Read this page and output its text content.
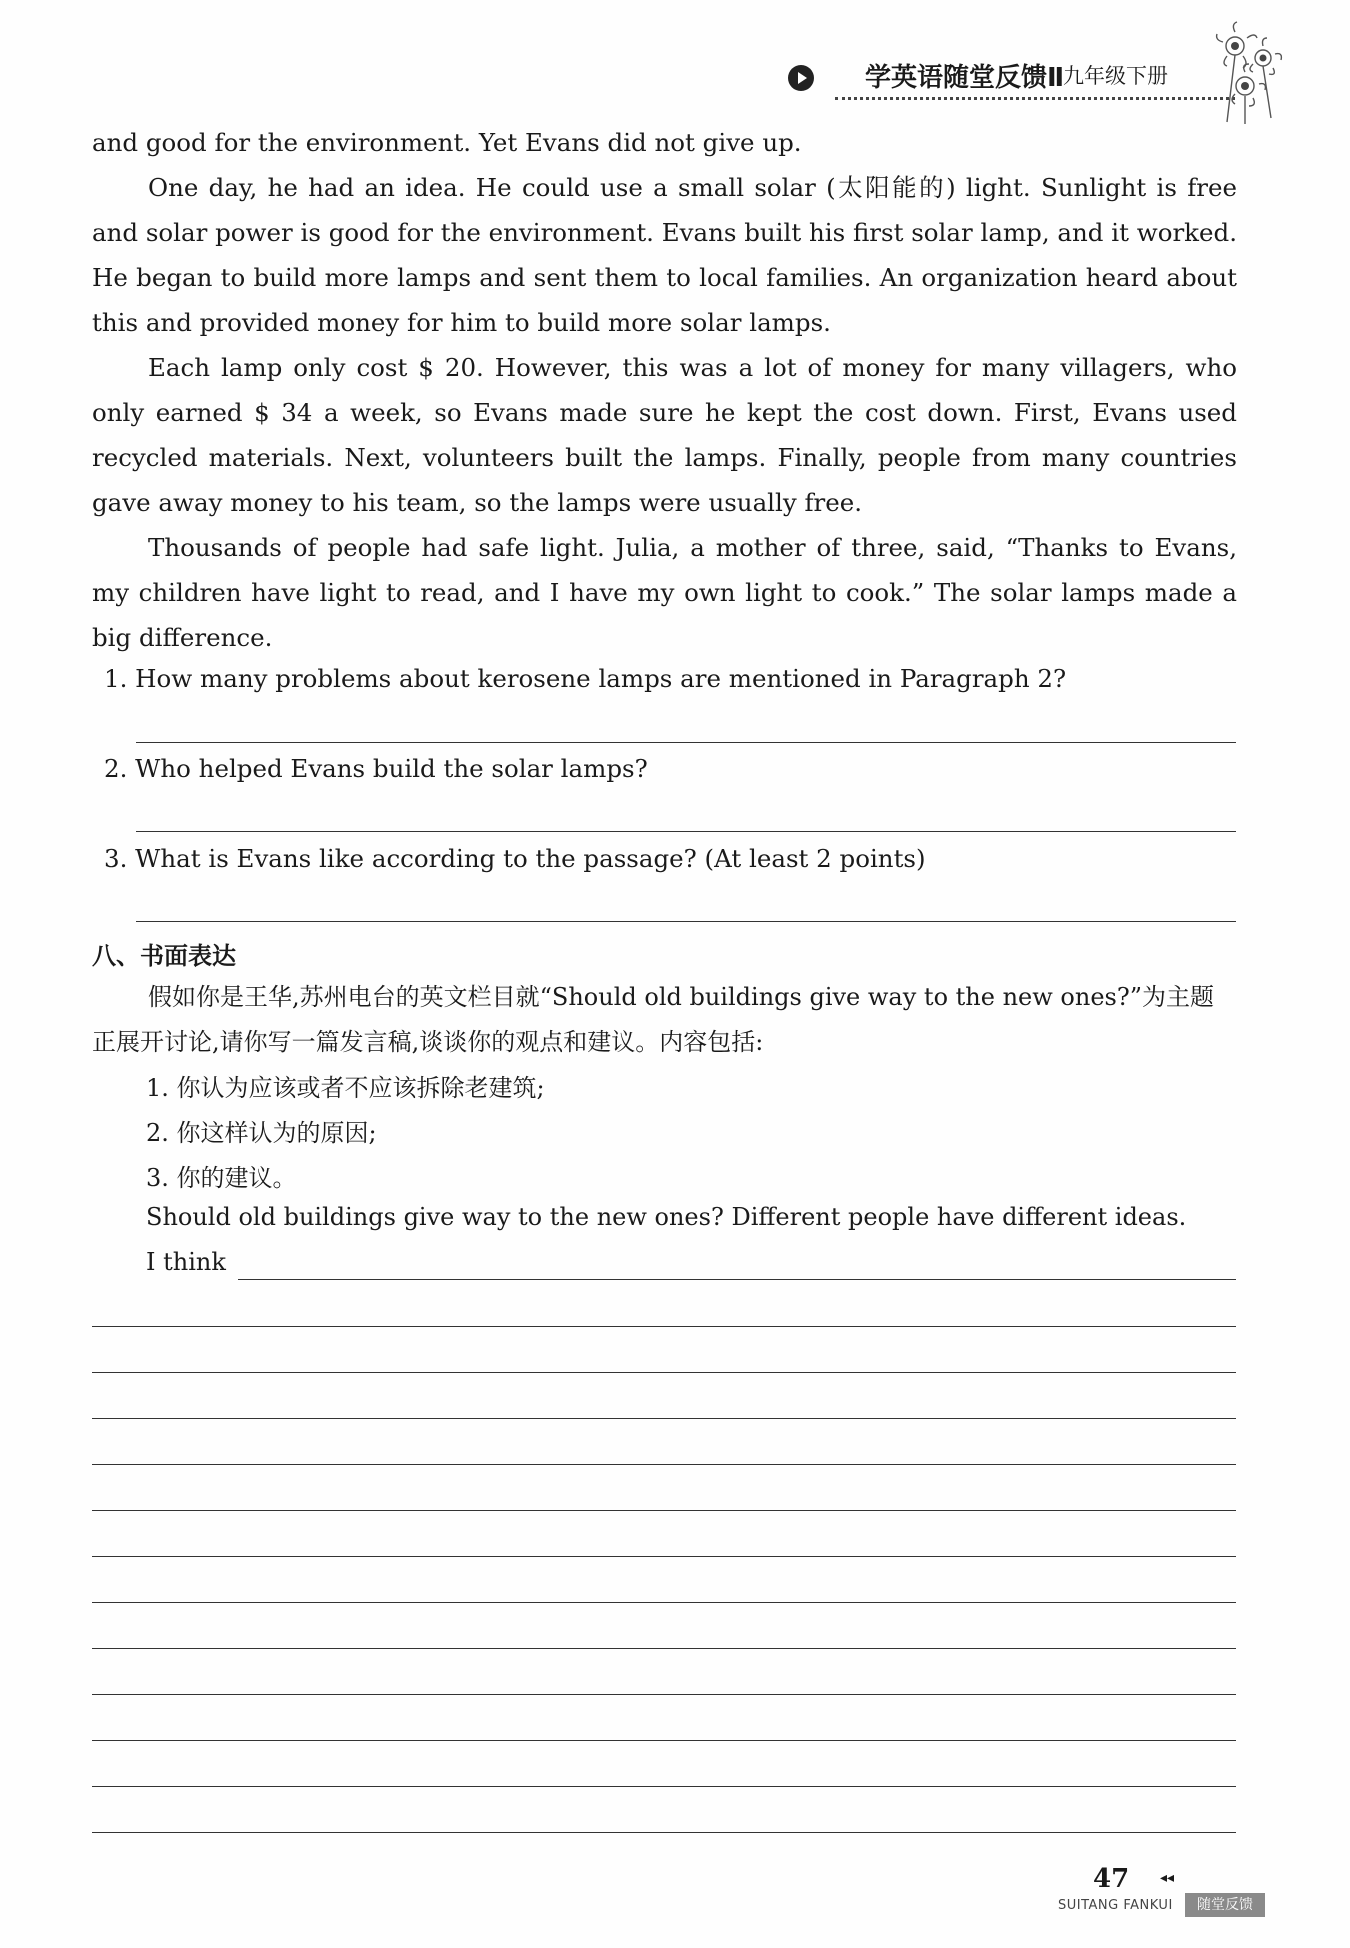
学英语随堂反馈Ⅱ
九年级下册

and good for the environment. Yet Evans did not give up.

One day, he had an idea. He could use a small solar (太阳能的) light. Sunlight is free and solar power is good for the environment. Evans built his first solar lamp, and it worked. He began to build more lamps and sent them to local families. An organization heard about this and provided money for him to build more solar lamps.

Each lamp only cost $ 20. However, this was a lot of money for many villagers, who only earned $ 34 a week, so Evans made sure he kept the cost down. First, Evans used recycled materials. Next, volunteers built the lamps. Finally, people from many countries gave away money to his team, so the lamps were usually free.

Thousands of people had safe light. Julia, a mother of three, said, “Thanks to Evans, my children have light to read, and I have my own light to cook.” The solar lamps made a big difference.

1. How many problems about kerosene lamps are mentioned in Paragraph 2?
2. Who helped Evans build the solar lamps?
3. What is Evans like according to the passage? (At least 2 points)
八、书面表达

假如你是王华,苏州电台的英文栏目就“Should old buildings give way to the new ones?”为主题正展开讨论,请你写一篇发言稿,谈谈你的观点和建议。内容包括:

1. 你认为应该或者不应该拆除老建筑;
2. 你这样认为的原因;
3. 你的建议。
Should old buildings give way to the new ones? Different people have different ideas.
I think
47 ◂◂
SUITANG FANKUI	随堂反馈
